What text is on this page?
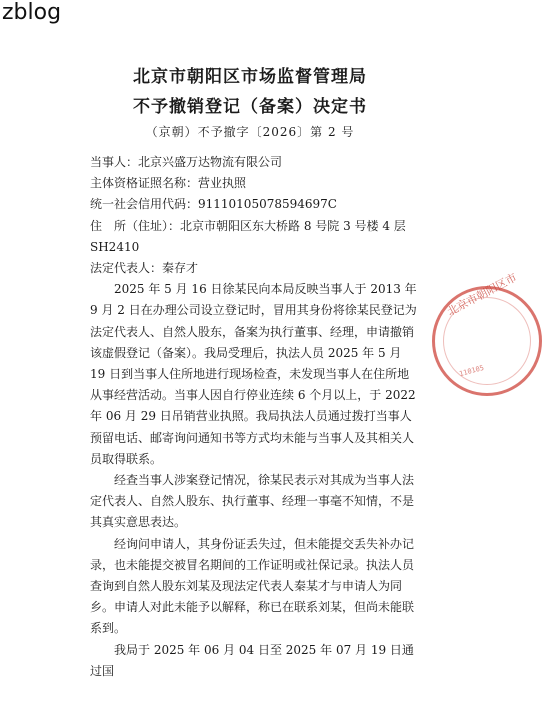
zblog
北京市朝阳区市场监督管理局
不予撤销登记（备案）决定书
（京朝）不予撤字〔2026〕第 2 号

当事人：北京兴盛万达物流有限公司

主体资格证照名称：营业执照

统一社会信用代码：91110105078594697C

住　所（住址）：北京市朝阳区东大桥路 8 号院 3 号楼 4 层 SH2410

法定代表人：秦存才

2025 年 5 月 16 日徐某民向本局反映当事人于 2013 年 9 月 2 日在办理公司设立登记时，冒用其身份将徐某民登记为法定代表人、自然人股东，备案为执行董事、经理，申请撤销该虚假登记（备案）。我局受理后，执法人员 2025 年 5 月 19 日到当事人住所地进行现场检查，未发现当事人在住所地从事经营活动。当事人因自行停业连续 6 个月以上，于 2022 年 06 月 29 日吊销营业执照。我局执法人员通过拨打当事人预留电话、邮寄询问通知书等方式均未能与当事人及其相关人员取得联系。

经查当事人涉案登记情况，徐某民表示对其成为当事人法定代表人、自然人股东、执行董事、经理一事毫不知情，不是其真实意思表达。

经询问申请人，其身份证丢失过，但未能提交丢失补办记录，也未能提交被冒名期间的工作证明或社保记录。执法人员查询到自然人股东刘某及现法定代表人秦某才与申请人为同乡。申请人对此未能予以解释，称已在联系刘某，但尚未能联系到。

我局于 2025 年 06 月 04 日至 2025 年 07 月 19 日通过国

北京市朝阳区市
110105
